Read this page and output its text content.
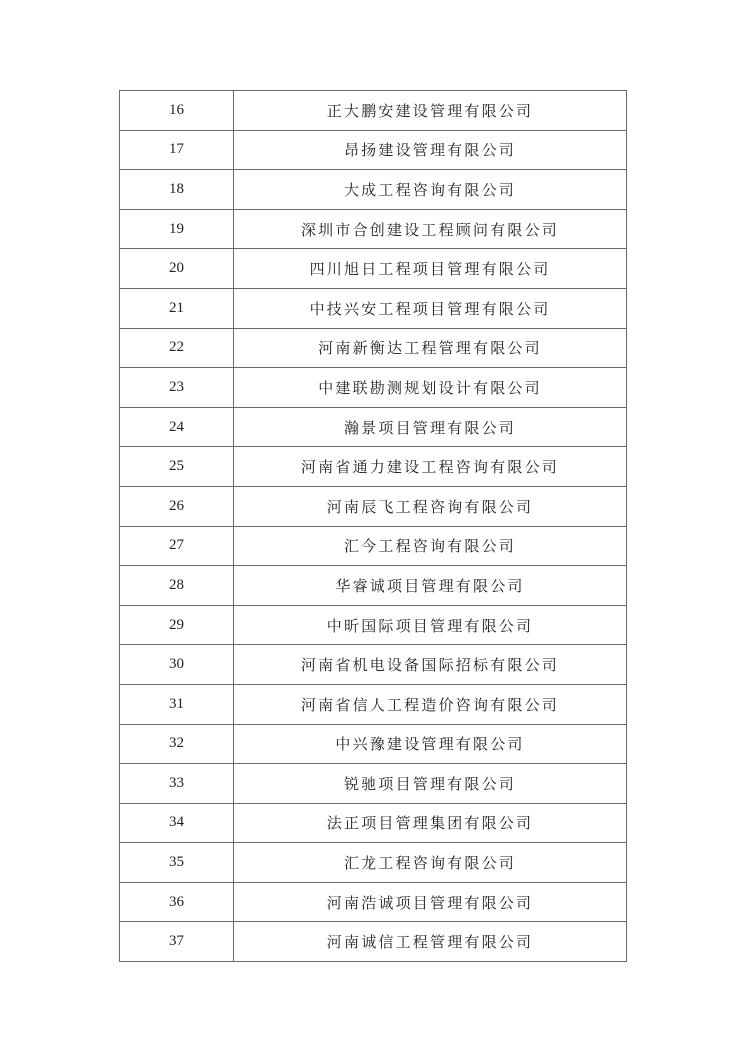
16	正大鹏安建设管理有限公司
17	昂扬建设管理有限公司
18	大成工程咨询有限公司
19	深圳市合创建设工程顾问有限公司
20	四川旭日工程项目管理有限公司
21	中技兴安工程项目管理有限公司
22	河南新衡达工程管理有限公司
23	中建联勘测规划设计有限公司
24	瀚景项目管理有限公司
25	河南省通力建设工程咨询有限公司
26	河南辰飞工程咨询有限公司
27	汇今工程咨询有限公司
28	华睿诚项目管理有限公司
29	中昕国际项目管理有限公司
30	河南省机电设备国际招标有限公司
31	河南省信人工程造价咨询有限公司
32	中兴豫建设管理有限公司
33	锐驰项目管理有限公司
34	法正项目管理集团有限公司
35	汇龙工程咨询有限公司
36	河南浩诚项目管理有限公司
37	河南诚信工程管理有限公司
